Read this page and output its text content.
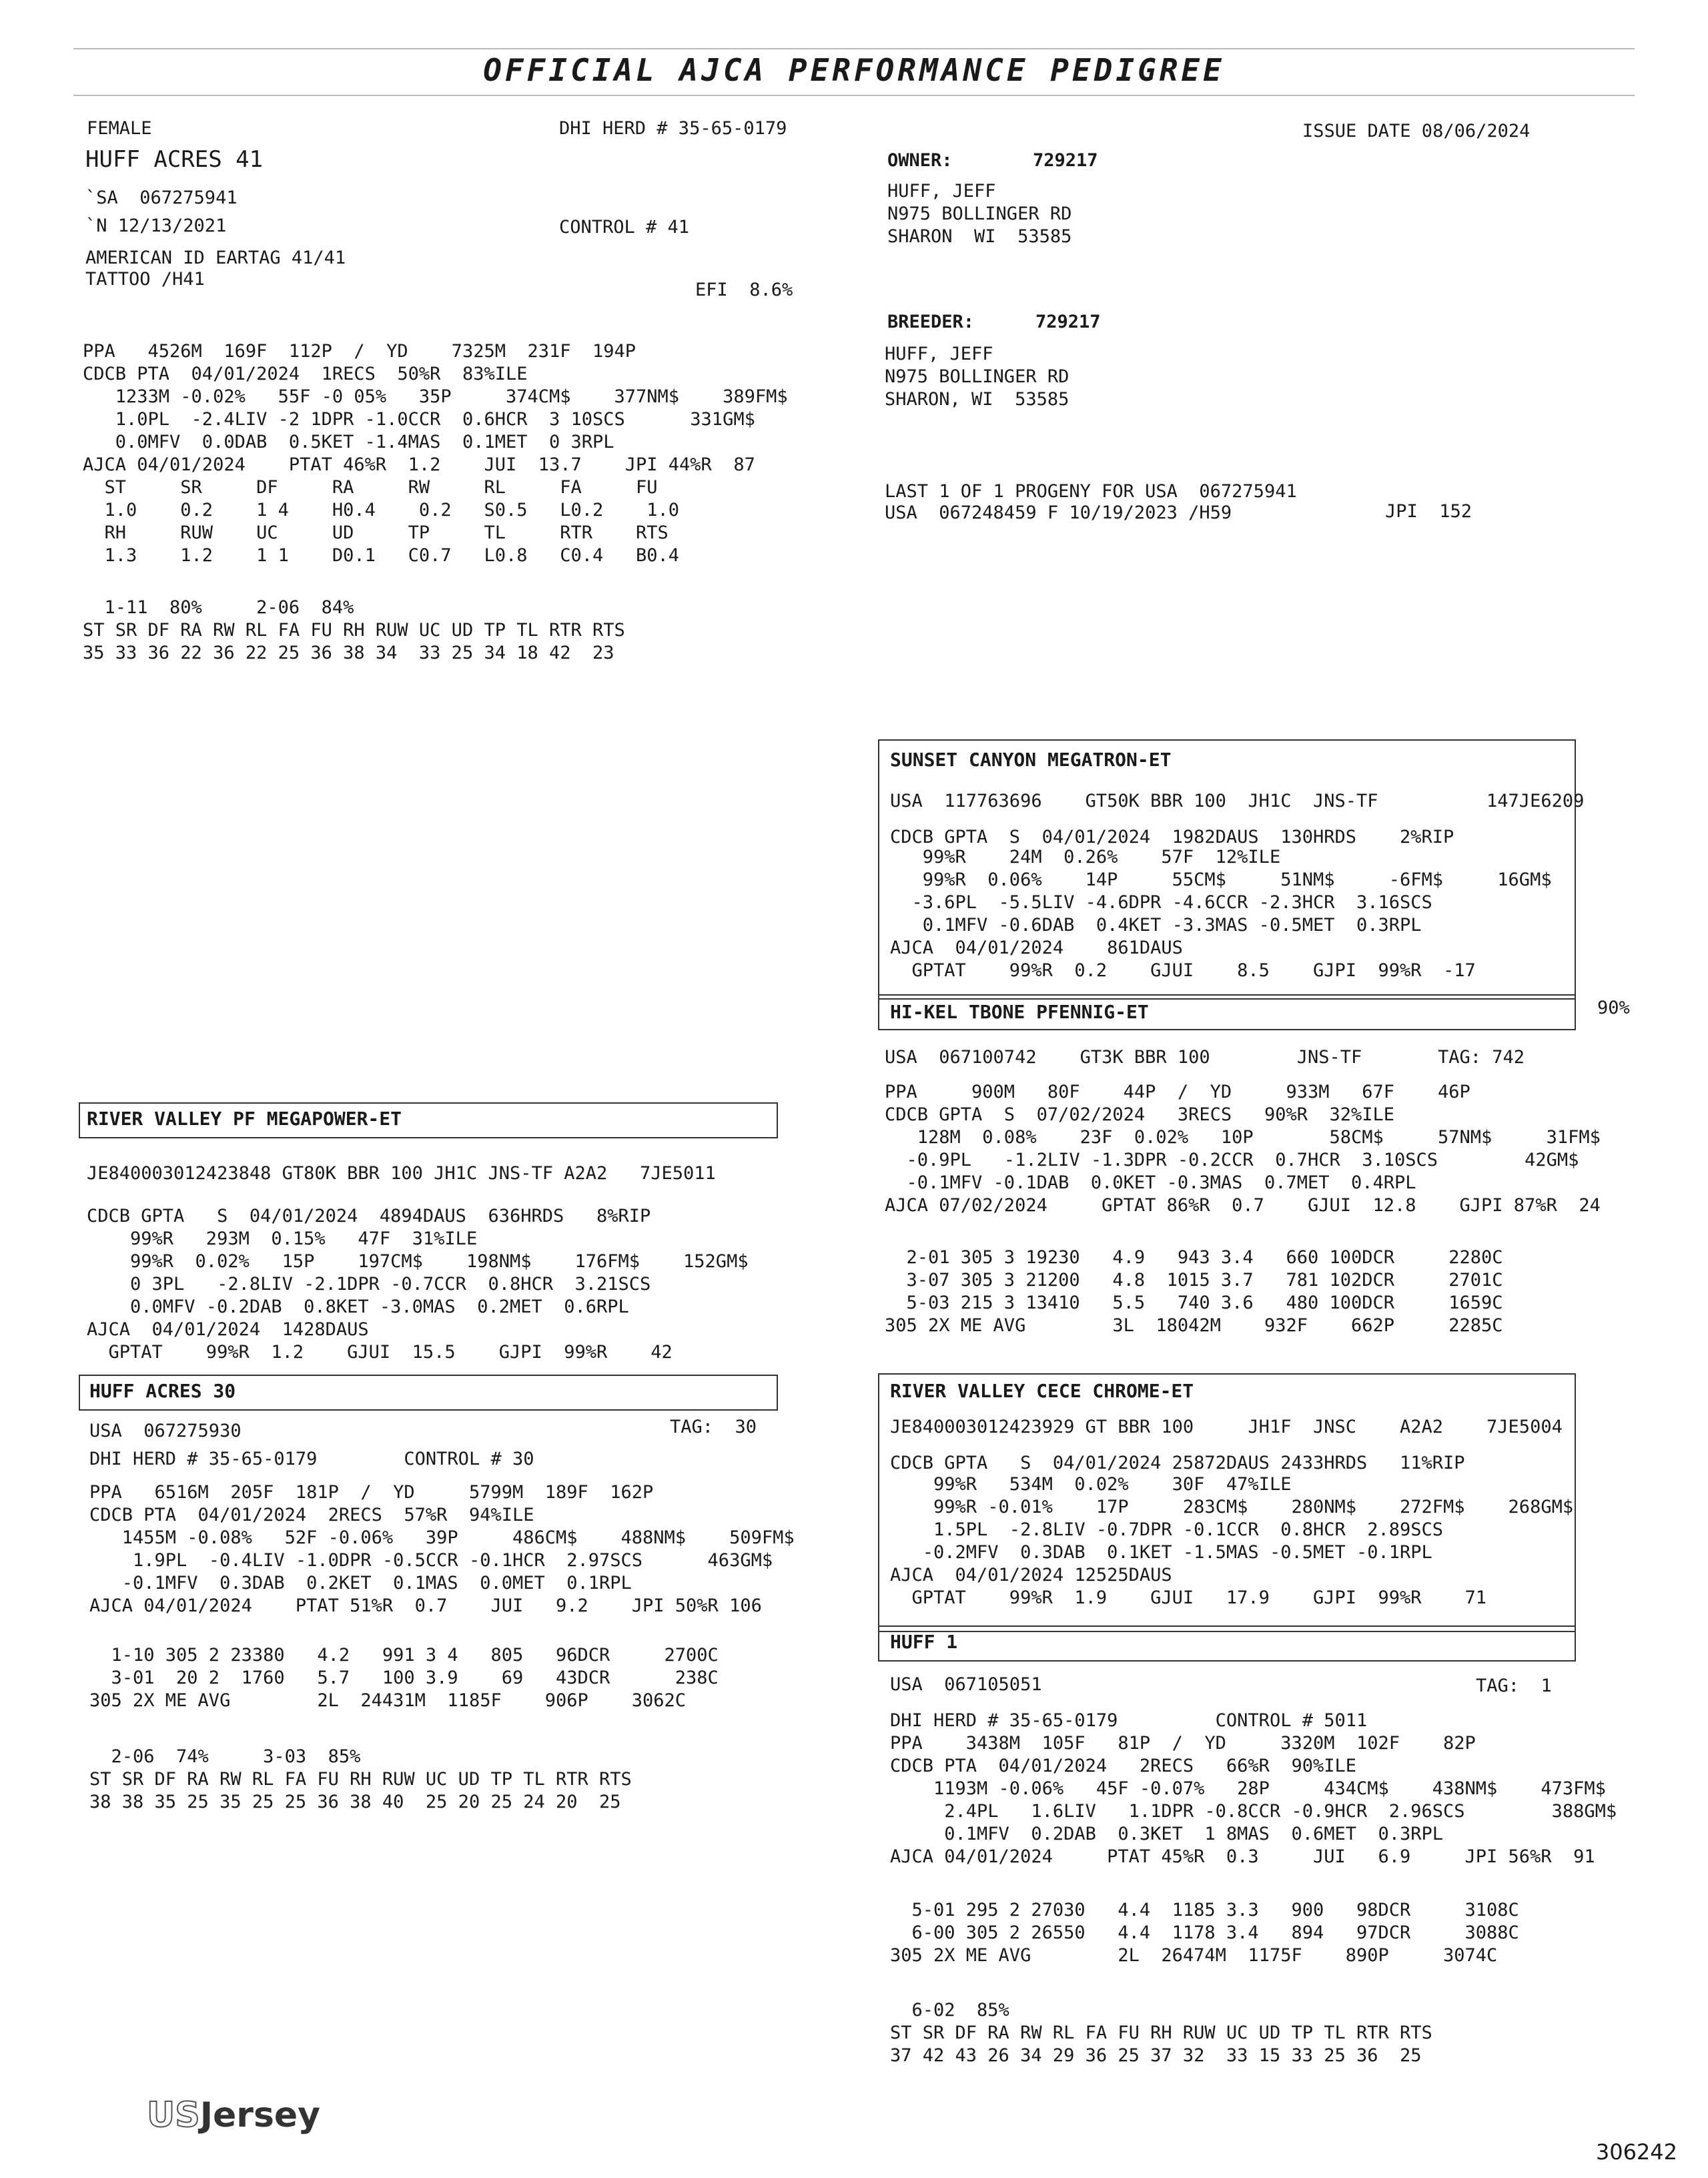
OFFICIAL AJCA PERFORMANCE PEDIGREE
FEMALE	DHI HERD # 35-65-0179	ISSUE DATE 08/06/2024
HUFF ACRES 41
`SA  067275941
`N 12/13/2021	CONTROL # 41
AMERICAN ID EARTAG 41/41
TATTOO /H41
EFI  8.6%
PPA   4526M  169F  112P  /  YD    7325M  231F  194P
CDCB PTA  04/01/2024  1RECS  50%R  83%ILE
1233M -0.02%   55F -0 05%   35P     374CM$    377NM$    389FM$
1.0PL  -2.4LIV -2 1DPR -1.0CCR  0.6HCR  3 10SCS      331GM$
0.0MFV  0.0DAB  0.5KET -1.4MAS  0.1MET  0 3RPL
AJCA 04/01/2024    PTAT 46%R  1.2    JUI  13.7    JPI 44%R  87
ST     SR     DF     RA     RW     RL     FA     FU
1.0    0.2    1 4    H0.4    0.2   S0.5   L0.2    1.0
RH     RUW    UC     UD     TP     TL     RTR    RTS
1.3    1.2    1 1    D0.1   C0.7   L0.8   C0.4   B0.4
1-11  80%     2-06  84%
ST SR DF RA RW RL FA FU RH RUW UC UD TP TL RTR RTS
35 33 36 22 36 22 25 36 38 34  33 25 34 18 42  23
OWNER:	729217
HUFF, JEFF
N975 BOLLINGER RD
SHARON  WI  53585
BREEDER:	729217
HUFF, JEFF
N975 BOLLINGER RD
SHARON, WI  53585
LAST 1 OF 1 PROGENY FOR USA  067275941
USA  067248459 F 10/19/2023 /H59	JPI  152
RIVER VALLEY PF MEGAPOWER-ET
JE840003012423848 GT80K BBR 100 JH1C JNS-TF A2A2   7JE5011
CDCB GPTA   S  04/01/2024  4894DAUS  636HRDS   8%RIP
99%R   293M  0.15%   47F  31%ILE
99%R  0.02%   15P    197CM$    198NM$    176FM$    152GM$
0 3PL   -2.8LIV -2.1DPR -0.7CCR  0.8HCR  3.21SCS
0.0MFV -0.2DAB  0.8KET -3.0MAS  0.2MET  0.6RPL
AJCA  04/01/2024  1428DAUS
GPTAT    99%R  1.2    GJUI  15.5    GJPI  99%R    42
HUFF ACRES 30
USA  067275930	TAG:  30
DHI HERD # 35-65-0179        CONTROL # 30
PPA   6516M  205F  181P  /  YD     5799M  189F  162P
CDCB PTA  04/01/2024  2RECS  57%R  94%ILE
1455M -0.08%   52F -0.06%   39P     486CM$    488NM$    509FM$
1.9PL  -0.4LIV -1.0DPR -0.5CCR -0.1HCR  2.97SCS      463GM$
-0.1MFV  0.3DAB  0.2KET  0.1MAS  0.0MET  0.1RPL
AJCA 04/01/2024    PTAT 51%R  0.7    JUI   9.2    JPI 50%R 106
1-10 305 2 23380   4.2   991 3 4   805   96DCR     2700C
3-01  20 2  1760   5.7   100 3.9    69   43DCR      238C
305 2X ME AVG        2L  24431M  1185F    906P    3062C
2-06  74%     3-03  85%
ST SR DF RA RW RL FA FU RH RUW UC UD TP TL RTR RTS
38 38 35 25 35 25 25 36 38 40  25 20 25 24 20  25
SUNSET CANYON MEGATRON-ET
USA  117763696    GT50K BBR 100  JH1C  JNS-TF          147JE6209
CDCB GPTA  S  04/01/2024  1982DAUS  130HRDS    2%RIP
99%R    24M  0.26%    57F  12%ILE
99%R  0.06%    14P     55CM$     51NM$     -6FM$     16GM$
-3.6PL  -5.5LIV -4.6DPR -4.6CCR -2.3HCR  3.16SCS
0.1MFV -0.6DAB  0.4KET -3.3MAS -0.5MET  0.3RPL
AJCA  04/01/2024    861DAUS
GPTAT    99%R  0.2    GJUI    8.5    GJPI  99%R  -17
HI-KEL TBONE PFENNIG-ET	90%
USA  067100742    GT3K BBR 100        JNS-TF       TAG: 742
PPA     900M   80F    44P  /  YD     933M   67F    46P
CDCB GPTA  S  07/02/2024   3RECS   90%R  32%ILE
128M  0.08%    23F  0.02%   10P       58CM$     57NM$     31FM$
-0.9PL   -1.2LIV -1.3DPR -0.2CCR  0.7HCR  3.10SCS        42GM$
-0.1MFV -0.1DAB  0.0KET -0.3MAS  0.7MET  0.4RPL
AJCA 07/02/2024     GPTAT 86%R  0.7    GJUI  12.8    GJPI 87%R  24
2-01 305 3 19230   4.9   943 3.4   660 100DCR     2280C
3-07 305 3 21200   4.8  1015 3.7   781 102DCR     2701C
5-03 215 3 13410   5.5   740 3.6   480 100DCR     1659C
305 2X ME AVG        3L  18042M    932F    662P     2285C
RIVER VALLEY CECE CHROME-ET
JE840003012423929 GT BBR 100     JH1F  JNSC    A2A2    7JE5004
CDCB GPTA   S  04/01/2024 25872DAUS 2433HRDS   11%RIP
99%R   534M  0.02%    30F  47%ILE
99%R -0.01%    17P     283CM$    280NM$    272FM$    268GM$
1.5PL  -2.8LIV -0.7DPR -0.1CCR  0.8HCR  2.89SCS
-0.2MFV  0.3DAB  0.1KET -1.5MAS -0.5MET -0.1RPL
AJCA  04/01/2024 12525DAUS
GPTAT    99%R  1.9    GJUI   17.9    GJPI  99%R    71
HUFF 1
USA  067105051	TAG:  1
DHI HERD # 35-65-0179         CONTROL # 5011
PPA    3438M  105F   81P  /  YD     3320M  102F    82P
CDCB PTA  04/01/2024   2RECS   66%R  90%ILE
1193M -0.06%   45F -0.07%   28P     434CM$    438NM$    473FM$
2.4PL   1.6LIV   1.1DPR -0.8CCR -0.9HCR  2.96SCS        388GM$
0.1MFV  0.2DAB  0.3KET  1 8MAS  0.6MET  0.3RPL
AJCA 04/01/2024     PTAT 45%R  0.3     JUI   6.9     JPI 56%R  91
5-01 295 2 27030   4.4  1185 3.3   900   98DCR     3108C
6-00 305 2 26550   4.4  1178 3.4   894   97DCR     3088C
305 2X ME AVG        2L  26474M  1175F    890P     3074C
6-02  85%
ST SR DF RA RW RL FA FU RH RUW UC UD TP TL RTR RTS
37 42 43 26 34 29 36 25 37 32  33 15 33 25 36  25
USJersey
306242
